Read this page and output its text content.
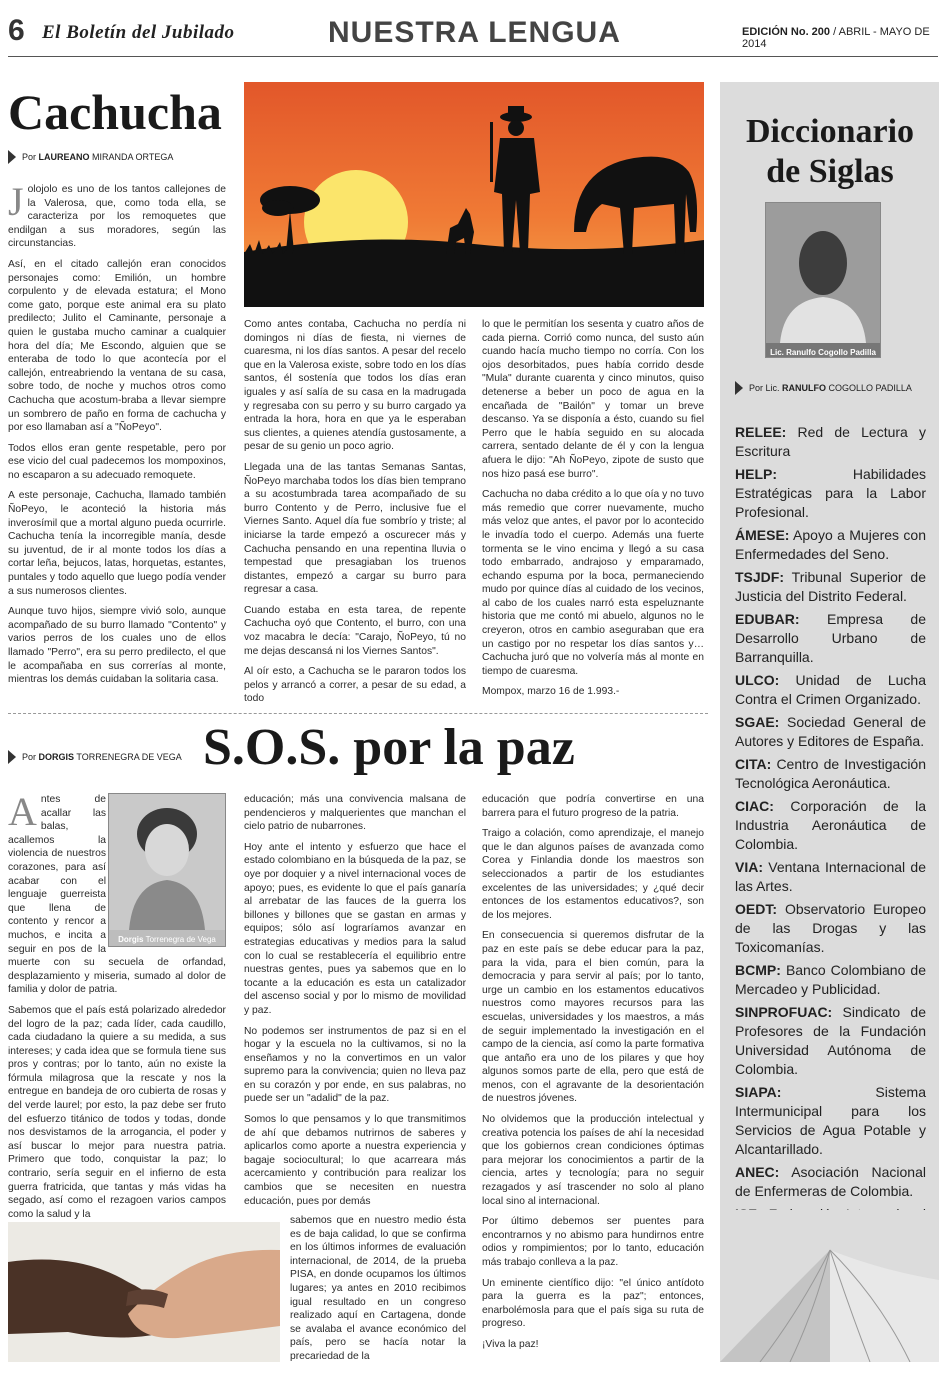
6 El Boletín del Jubilado	NUESTRA LENGUA	EDICIÓN No. 200 / ABRIL - MAYO DE 2014
Cachucha
Por LAUREANO MIRANDA ORTEGA

Jolojolo es uno de los tantos callejones de la Valerosa, que, como toda ella, se caracteriza por los remoquetes que endilgan a sus moradores, según las circunstancias.

Así, en el citado callejón eran conocidos personajes como: Emilión, un hombre corpulento y de elevada estatura; el Mono come gato, porque este animal era su plato predilecto; Julito el Caminante, personaje a quien le gustaba mucho caminar a cualquier hora del día; Me Escondo, alguien que se enteraba de todo lo que acontecía por el callejón, entreabriendo la ventana de su casa, sobre todo, de noche y muchos otros como Cachucha que acostum-braba a llevar siempre un sombrero de paño en forma de cachucha y por eso llamaban así a "ÑoPeyo".

Todos ellos eran gente respetable, pero por ese vicio del cual padecemos los mompoxinos, no escaparon a su adecuado remoquete.

A este personaje, Cachucha, llamado también ÑoPeyo, le aconteció la historia más inverosímil que a mortal alguno pueda ocurrirle. Cachucha tenía la incorregible manía, desde su juventud, de ir al monte todos los días a cortar leña, bejucos, latas, horquetas, estantes, puntales y todo aquello que luego podía vender a sus numerosos clientes.

Aunque tuvo hijos, siempre vivió solo, aunque acompañado de su burro llamado "Contento" y varios perros de los cuales uno de ellos llamado "Perro", era su perro predilecto, el que le acompañaba en sus correrías al monte, mientras los demás cuidaban la solitaria casa.

Como antes contaba, Cachucha no perdía ni domingos ni días de fiesta, ni viernes de cuaresma, ni los días santos. A pesar del recelo que en la Valerosa existe, sobre todo en los días santos, él sostenía que todos los días eran iguales y así salía de su casa en la madrugada y regresaba con su perro y su burro cargado ya entrada la hora, hora en que ya le esperaban sus clientes, a quienes atendía gustosamente, a pesar de su genio un poco agrio.

Llegada una de las tantas Semanas Santas, ÑoPeyo marchaba todos los días bien temprano a su acostumbrada tarea acompañado de su burro Contento y de Perro, inclusive fue el Viernes Santo. Aquel día fue sombrío y triste; al iniciarse la tarde empezó a oscurecer más y Cachucha pensando en una repentina lluvia o tempestad que presagiaban los truenos distantes, empezó a cargar su burro para regresar a casa.

Cuando estaba en esta tarea, de repente Cachucha oyó que Contento, el burro, con una voz macabra le decía: "Carajo, ÑoPeyo, tú no me dejas descansá ni los Viernes Santos".

Al oír esto, a Cachucha se le pararon todos los pelos y arrancó a correr, a pesar de su edad, a todo

lo que le permitían los sesenta y cuatro años de cada pierna. Corrió como nunca, del susto aún cuando hacía mucho tiempo no corría. Con los ojos desorbitados, pues había corrido desde "Mula" durante cuarenta y cinco minutos, quiso detenerse a beber un poco de agua en la encañada de "Bailón" y tomar un breve descanso. Ya se disponía a ésto, cuando su fiel Perro que le había seguido en su alocada carrera, sentado delante de él y con la lengua afuera le dijo: "Ah ÑoPeyo, zipote de susto que nos hizo pasá ese burro".

Cachucha no daba crédito a lo que oía y no tuvo más remedio que correr nuevamente, mucho más veloz que antes, el pavor por lo acontecido le invadía todo el cuerpo. Además una fuerte tormenta se le vino encima y llegó a su casa todo embarrado, andrajoso y emparamado, echando espuma por la boca, permaneciendo mudo por quince días al cuidado de los vecinos, al cabo de los cuales narró esta espeluznante historia que me contó mi abuelo, algunos no le creyeron, otros en cambio aseguraban que era un castigo por no respetar los días santos y…Cachucha juró que no volvería más al monte en tiempo de cuaresma.

Mompox, marzo 16 de 1.993.-

Por DORGIS TORRENEGRA DE VEGA S.O.S. por la paz
Dorgis Torrenegra de Vega

Antes de acallar las balas, acallemos la violencia de nuestros corazones, para así acabar con el lenguaje guerreista que llena de contento y rencor a muchos, e incita a seguir en pos de la muerte con su secuela de orfandad, desplazamiento y miseria, sumado al dolor de familia y dolor de patria.

Sabemos que el país está polarizado alrededor del logro de la paz; cada líder, cada caudillo, cada ciudadano la quiere a su medida, a sus intereses; y cada idea que se formula tiene sus pros y contras; por lo tanto, aún no existe la fórmula milagrosa que la rescate y nos la entregue en bandeja de oro cubierta de rosas y del verde laurel; por esto, la paz debe ser fruto del esfuerzo titánico de todos y todas, donde nos desvistamos de la arrogancia, el poder y así buscar lo mejor para nuestra patria. Primero que todo, conquistar la paz; lo contrario, sería seguir en el infierno de esta guerra fratricida, que tantas y más vidas ha segado, así como el rezagoen varios campos como la salud y la

educación; más una convivencia malsana de pendencieros y malquerientes que manchan el cielo patrio de nubarrones.

Hoy ante el intento y esfuerzo que hace el estado colombiano en la búsqueda de la paz, se oye por doquier y a nivel internacional voces de apoyo; pues, es evidente lo que el país ganaría al arrebatar de las fauces de la guerra los billones y billones que se gastan en armas y equipos; sólo así lograríamos avanzar en estrategias educativas y medios para la salud con lo cual se restablecería el equilibrio entre nuestras gentes, pues ya sabemos que en lo tocante a la educación es esta un catalizador del ascenso social y por lo mismo de movilidad y paz.

No podemos ser instrumentos de paz si en el hogar y la escuela no la cultivamos, si no la enseñamos y no la convertimos en un valor supremo para la convivencia; quien no lleva paz en su corazón y por ende, en sus palabras, no puede ser un "adalid" de la paz.

Somos lo que pensamos y lo que transmitimos de ahí que debamos nutrirnos de saberes y aplicarlos como aporte a nuestra experiencia y bagaje sociocultural; lo que acarreara más acercamiento y contribución para realizar los cambios que se necesiten en nuestra educación, pues por demás

sabemos que en nuestro medio ésta es de baja calidad, lo que se confirma en los últimos informes de evaluación internacional, de 2014, de la prueba PISA, en donde ocupamos los últimos lugares; ya antes en 2010 recibimos igual resultado en un congreso realizado aquí en Cartagena, donde se avalaba el avance económico del país, pero se hacía notar la precariedad de la

educación que podría convertirse en una barrera para el futuro progreso de la patria.

Traigo a colación, como aprendizaje, el manejo que le dan algunos países de avanzada como Corea y Finlandia donde los maestros son seleccionados a partir de los estudiantes excelentes de las universidades; y ¿qué decir entonces de los estamentos educativos?, son de los mejores.

En consecuencia si queremos disfrutar de la paz en este país se debe educar para la paz, para la vida, para el bien común, para la democracia y para servir al país; por lo tanto, urge un cambio en los estamentos educativos nuestros como mayores recursos para las escuelas, universidades y los maestros, a más de seguir implementado la investigación en el campo de la ciencia, así como la parte formativa que antaño era uno de los pilares y que hoy algunos somos parte de ella, pero que está de menos, con el agravante de la desorientación de nuestros jóvenes.

No olvidemos que la producción intelectual y creativa potencia los países de ahí la necesidad que los gobiernos crean condiciones óptimas para mejorar los conocimientos a partir de la ciencia, artes y tecnología; para no seguir rezagados y así trascender no solo al plano local sino al internacional.

Por último debemos ser puentes para encontrarnos y no abismo para hundirnos entre odios y rompimientos; por lo tanto, educación más trabajo conlleva a la paz.

Un eminente científico dijo: "el único antídoto para la guerra es la paz"; entonces, enarbolémosla para que el país siga su ruta de progreso.

¡Viva la paz!

Diccionario
de Siglas
Lic. Ranulfo Cogollo Padilla
Por Lic. RANULFO COGOLLO PADILLA
RELEE: Red de Lectura y Escritura
HELP:	Habilidades Estratégicas para la Labor Profesional.
ÁMESE: Apoyo a Mujeres con Enfermedades del Seno.
TSJDF: Tribunal Superior de Justicia del Distrito Federal.
EDUBAR: Empresa de Desarrollo Urbano de Barranquilla.
ULCO: Unidad de Lucha Contra el Crimen Organizado.
SGAE: Sociedad General de Autores y Editores de España.
CITA: Centro de Investigación Tecnológica Aeronáutica.
CIAC: Corporación de la Industria Aeronáutica de Colombia.
VIA: Ventana Internacional de las Artes.
OEDT: Observatorio Europeo de las Drogas y las Toxicomanías.
BCMP: Banco Colombiano de Mercadeo y Publicidad.
SINPROFUAC: Sindicato de Profesores de la Fundación Universidad Autónoma de Colombia.
SIAPA:	Sistema Intermunicipal para los Servicios de Agua Potable y Alcantarillado.
ANEC: Asociación Nacional de Enfermeras de Colombia.
